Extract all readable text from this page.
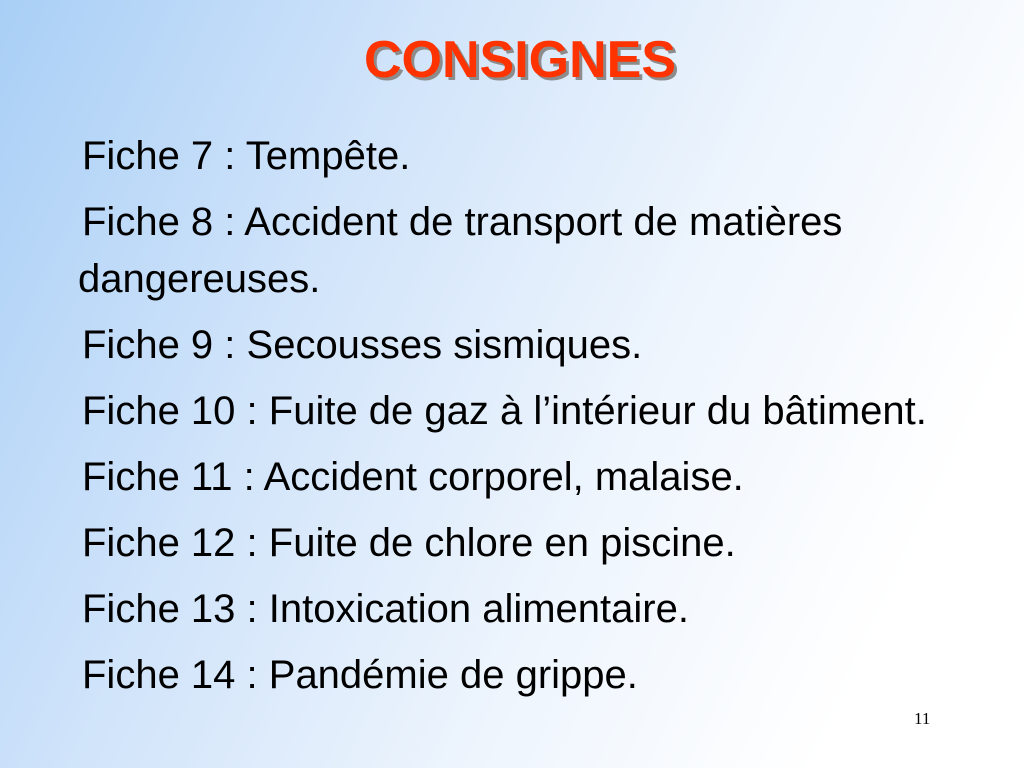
CONSIGNES
Fiche 7 : Tempête.
Fiche 8 : Accident de transport de matières dangereuses.
Fiche 9 : Secousses sismiques.
Fiche 10 : Fuite de gaz à l’intérieur du bâtiment.
Fiche 11 : Accident corporel, malaise.
Fiche 12 : Fuite de chlore en piscine.
Fiche 13 : Intoxication alimentaire.
Fiche 14 : Pandémie de grippe.
11
